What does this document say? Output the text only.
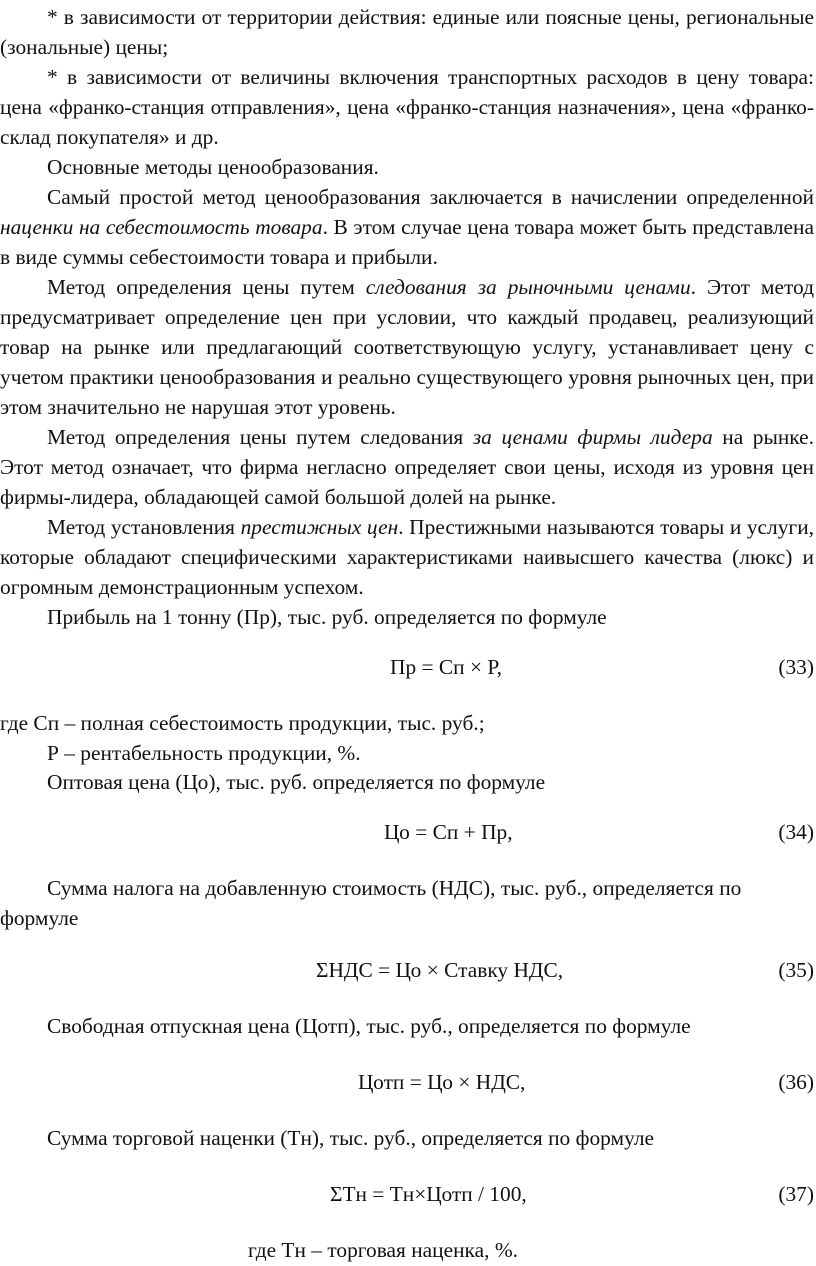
* в зависимости от территории действия: единые или поясные цены, региональные (зональные) цены;

* в зависимости от величины включения транспортных расходов в цену товара: цена «франко-станция отправления», цена «франко-станция назначения», цена «франко-склад покупателя» и др.

Основные методы ценообразования.

Самый простой метод ценообразования заключается в начислении определенной наценки на себестоимость товара. В этом случае цена товара может быть представлена в виде суммы себестоимости товара и прибыли.

Метод определения цены путем следования за рыночными ценами. Этот метод предусматривает определение цен при условии, что каждый продавец, реализующий товар на рынке или предлагающий соответствующую услугу, устанавливает цену с учетом практики ценообразования и реально существующего уровня рыночных цен, при этом значительно не нарушая этот уровень.

Метод определения цены путем следования за ценами фирмы лидера на рынке. Этот метод означает, что фирма негласно определяет свои цены, исходя из уровня цен фирмы-лидера, обладающей самой большой долей на рынке.

Метод установления престижных цен. Престижными называются товары и услуги, которые обладают специфическими характеристиками наивысшего качества (люкс) и огромным демонстрационным успехом.

Прибыль на 1 тонну (Пр), тыс. руб. определяется по формуле

Пр = Сп × Р,	(33)

где Сп – полная себестоимость продукции, тыс. руб.;

Р – рентабельность продукции, %.

Оптовая цена (Цо), тыс. руб. определяется по формуле

Цо = Сп + Пр,	(34)

Сумма налога на добавленную стоимость (НДС), тыс. руб., определяется по формуле

ΣНДС = Цо × Ставку НДС,	(35)

Свободная отпускная цена (Цотп), тыс. руб., определяется по формуле

Цотп = Цо × НДС,	(36)

Сумма торговой наценки (Тн), тыс. руб., определяется по формуле

ΣТн = Тн×Цотп / 100,	(37)

где Тн – торговая наценка, %.
